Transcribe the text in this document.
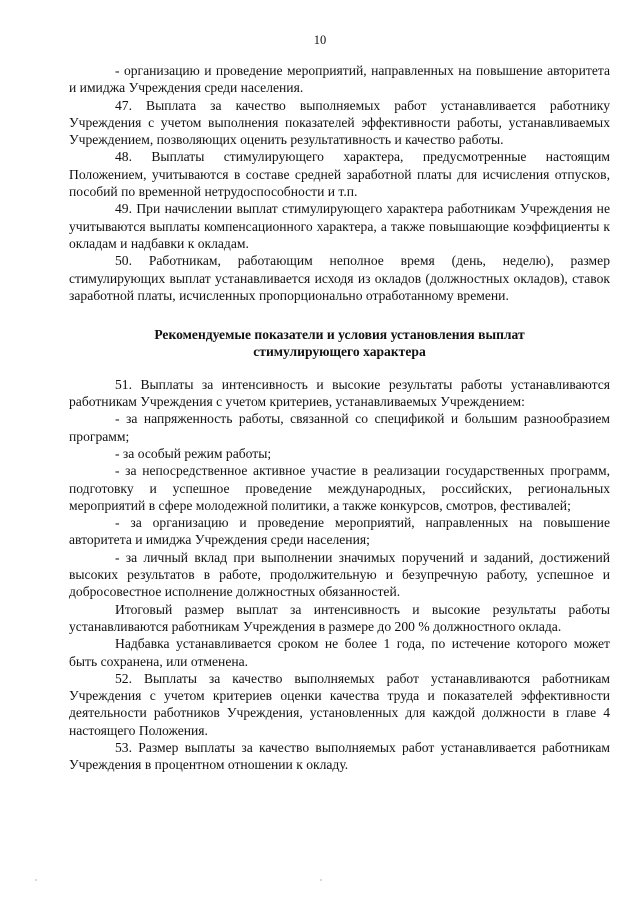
10

- организацию и проведение мероприятий, направленных на повышение авторитета и имиджа Учреждения среди населения.

47. Выплата за качество выполняемых работ устанавливается работнику Учреждения с учетом выполнения показателей эффективности работы, устанавливаемых Учреждением, позволяющих оценить результативность и качество работы.

48. Выплаты стимулирующего характера, предусмотренные настоящим Положением, учитываются в составе средней заработной платы для исчисления отпусков, пособий по временной нетрудоспособности и т.п.

49. При начислении выплат стимулирующего характера работникам Учреждения не учитываются выплаты компенсационного характера, а также повышающие коэффициенты к окладам и надбавки к окладам.

50. Работникам, работающим неполное время (день, неделю), размер стимулирующих выплат устанавливается исходя из окладов (должностных окладов), ставок заработной платы, исчисленных пропорционально отработанному времени.

Рекомендуемые показатели и условия установления выплат
стимулирующего характера

51. Выплаты за интенсивность и высокие результаты работы устанавливаются работникам Учреждения с учетом критериев, устанавливаемых Учреждением:

- за напряженность работы, связанной со спецификой и большим разнообразием программ;

- за особый режим работы;

- за непосредственное активное участие в реализации государственных программ, подготовку и успешное проведение международных, российских, региональных мероприятий в сфере молодежной политики, а также конкурсов, смотров, фестивалей;

- за организацию и проведение мероприятий, направленных на повышение авторитета и имиджа Учреждения среди населения;

- за личный вклад при выполнении значимых поручений и заданий, достижений высоких результатов в работе, продолжительную и безупречную работу, успешное и добросовестное исполнение должностных обязанностей.

Итоговый размер выплат за интенсивность и высокие результаты работы устанавливаются работникам Учреждения в размере до 200 % должностного оклада.

Надбавка устанавливается сроком не более 1 года, по истечение которого может быть сохранена, или отменена.

52. Выплаты за качество выполняемых работ устанавливаются работникам Учреждения с учетом критериев оценки качества труда и показателей эффективности деятельности работников Учреждения, установленных для каждой должности в главе 4 настоящего Положения.

53. Размер выплаты за качество выполняемых работ устанавливается работникам Учреждения в процентном отношении к окладу.
